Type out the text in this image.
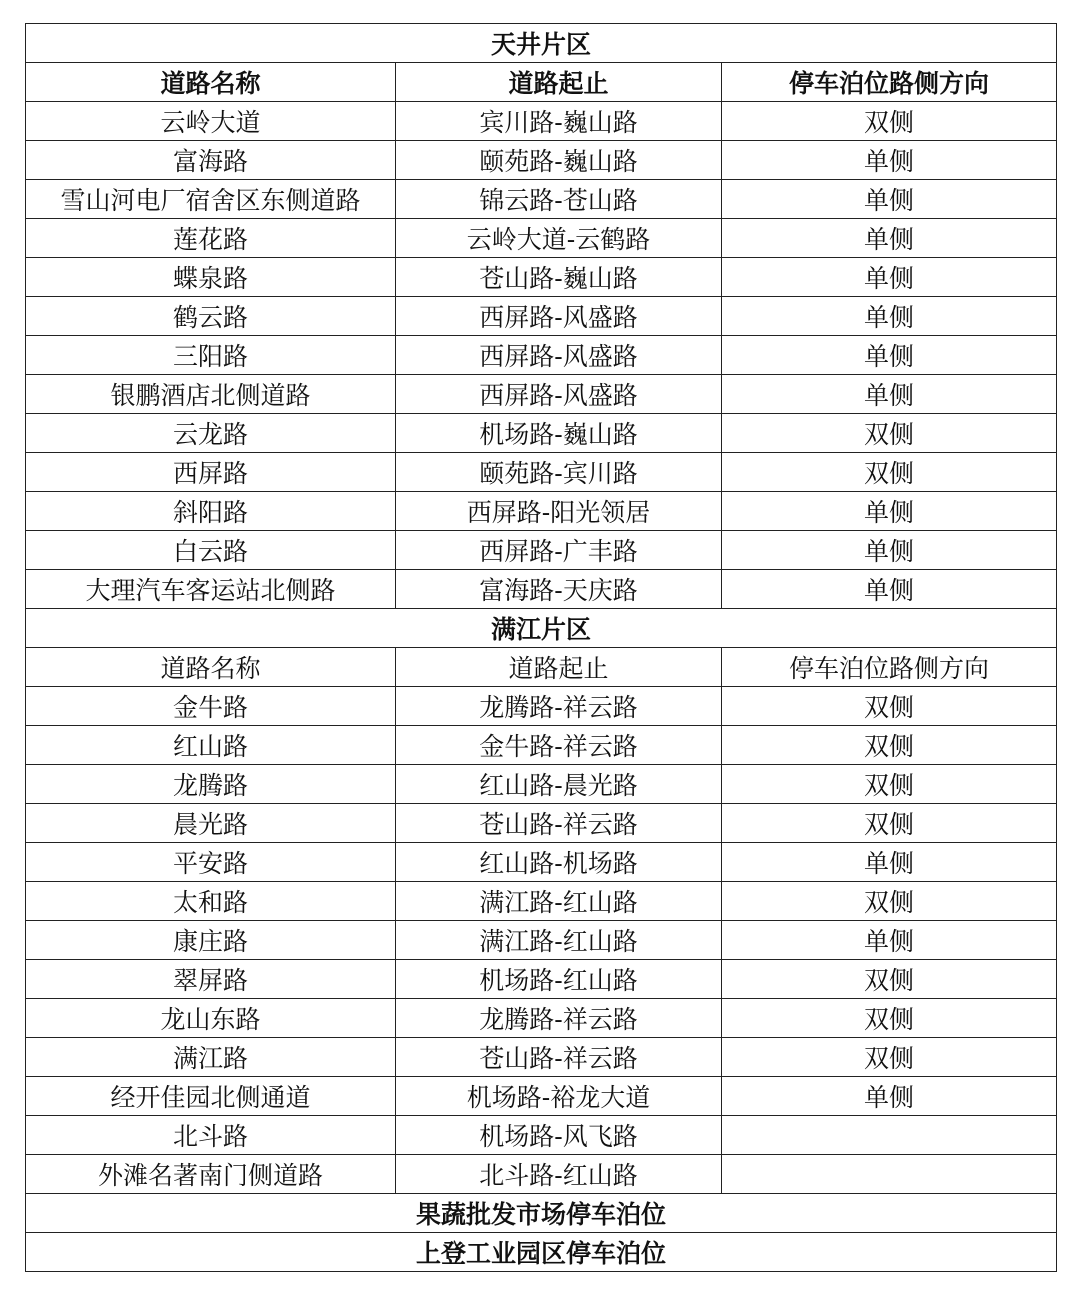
天井片区		
道路名称	道路起止	停车泊位路侧方向
云岭大道	宾川路-巍山路	双侧
富海路	颐苑路-巍山路	单侧
雪山河电厂宿舍区东侧道路	锦云路-苍山路	单侧
莲花路	云岭大道-云鹤路	单侧
蝶泉路	苍山路-巍山路	单侧
鹤云路	西屏路-风盛路	单侧
三阳路	西屏路-风盛路	单侧
银鹏酒店北侧道路	西屏路-风盛路	单侧
云龙路	机场路-巍山路	双侧
西屏路	颐苑路-宾川路	双侧
斜阳路	西屏路-阳光领居	单侧
白云路	西屏路-广丰路	单侧
大理汽车客运站北侧路	富海路-天庆路	单侧
满江片区		
道路名称	道路起止	停车泊位路侧方向
金牛路	龙腾路-祥云路	双侧
红山路	金牛路-祥云路	双侧
龙腾路	红山路-晨光路	双侧
晨光路	苍山路-祥云路	双侧
平安路	红山路-机场路	单侧
太和路	满江路-红山路	双侧
康庄路	满江路-红山路	单侧
翠屏路	机场路-红山路	双侧
龙山东路	龙腾路-祥云路	双侧
满江路	苍山路-祥云路	双侧
经开佳园北侧通道	机场路-裕龙大道	单侧
北斗路	机场路-风飞路	
外滩名著南门侧道路	北斗路-红山路	
果蔬批发市场停车泊位		
上登工业园区停车泊位		
